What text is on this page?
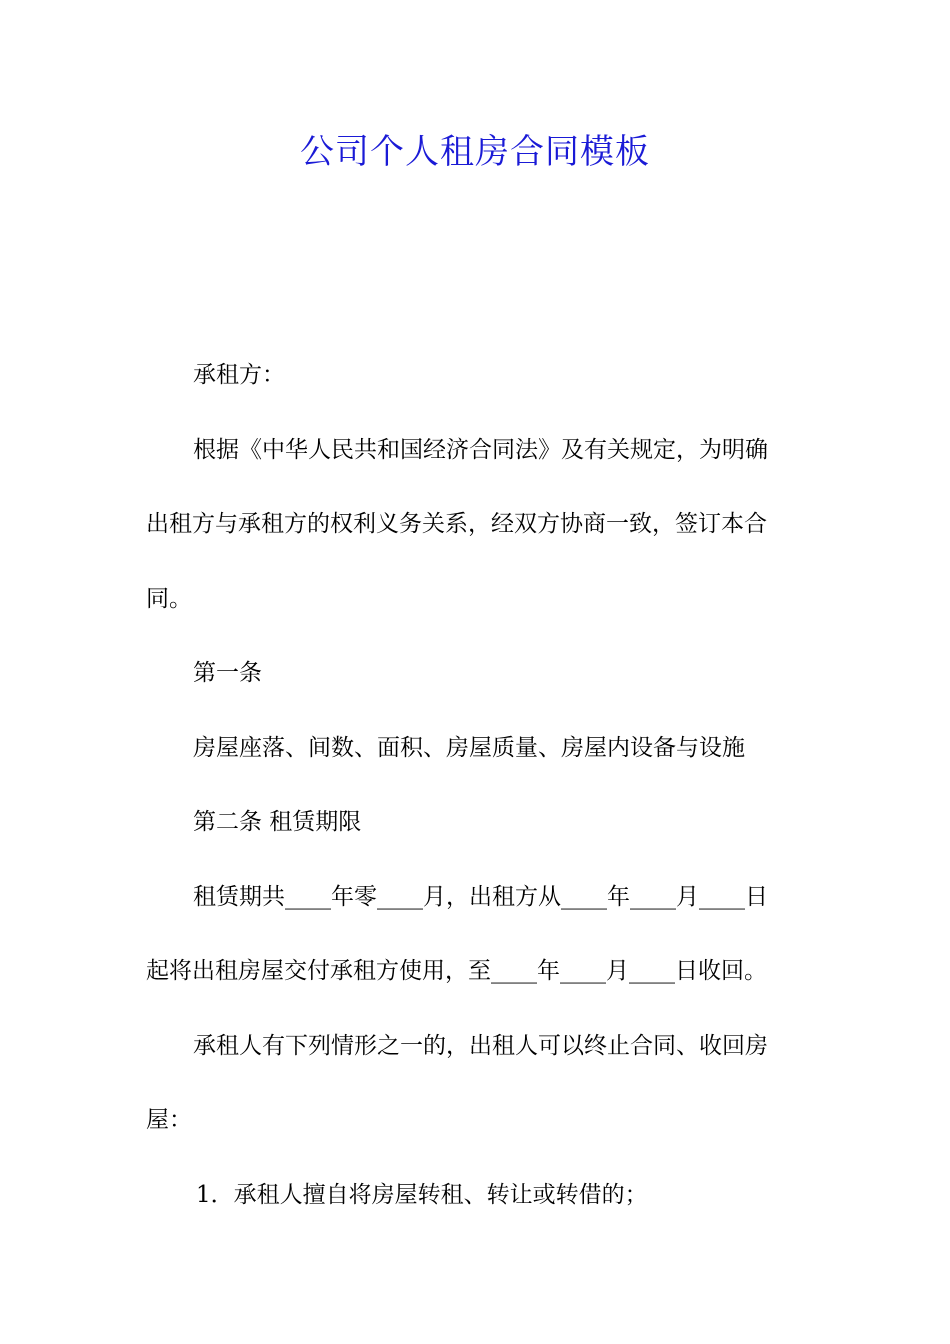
公司个人租房合同模板

承租方：

根据《中华人民共和国经济合同法》及有关规定，为明确

出租方与承租方的权利义务关系，经双方协商一致，签订本合

同。

第一条

房屋座落、间数、面积、房屋质量、房屋内设备与设施

第二条 租赁期限

租赁期共____年零____月，出租方从____年____月____日

起将出租房屋交付承租方使用，至____年____月____日收回。

承租人有下列情形之一的，出租人可以终止合同、收回房

屋：

1．承租人擅自将房屋转租、转让或转借的；
